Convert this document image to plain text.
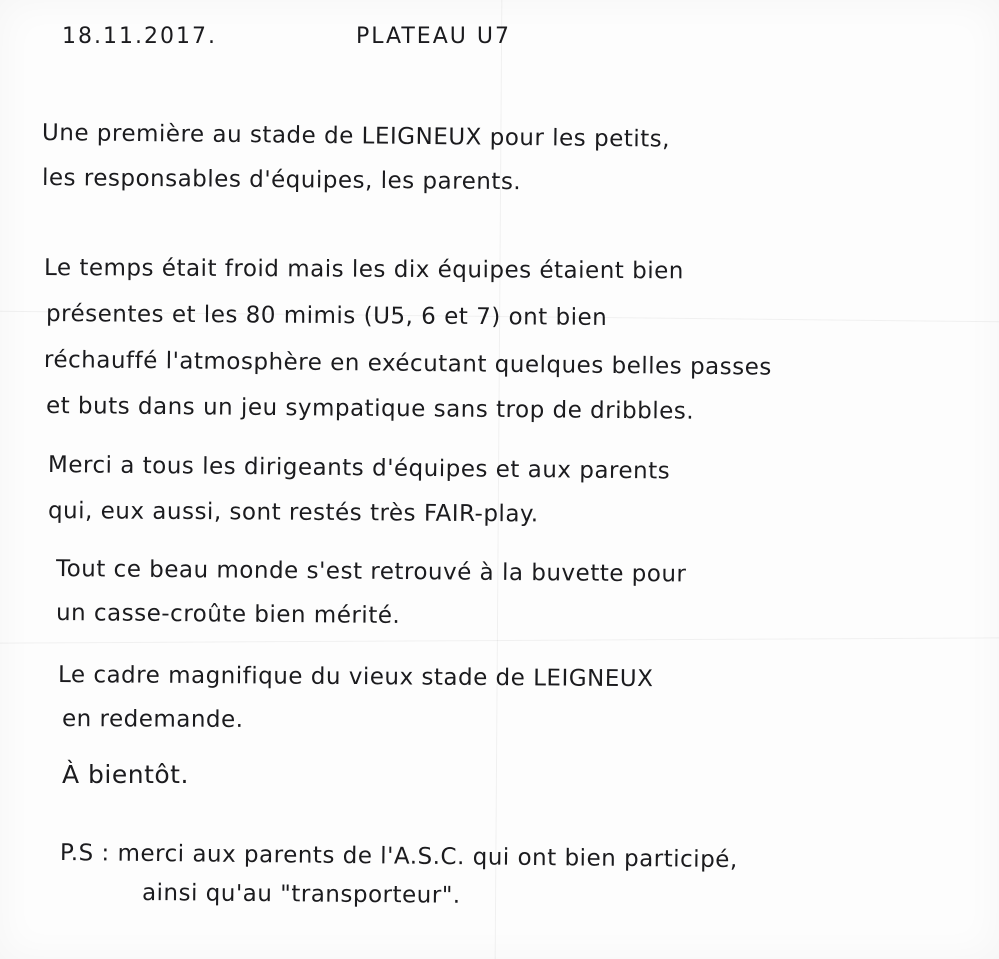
18.11.2017.	PLATEAU U7

Une première au stade de LEIGNEUX pour les petits,

les responsables d'équipes, les parents.

Le temps était froid mais les dix équipes étaient bien

présentes et les 80 mimis (U5, 6 et 7) ont bien

réchauffé l'atmosphère en exécutant quelques belles passes

et buts dans un jeu sympatique sans trop de dribbles.

Merci a tous les dirigeants d'équipes et aux parents

qui, eux aussi, sont restés très FAIR-play.

Tout ce beau monde s'est retrouvé à la buvette pour

un casse-croûte bien mérité.

Le cadre magnifique du vieux stade de LEIGNEUX

en redemande.

À bientôt.

P.S : merci aux parents de l'A.S.C. qui ont bien participé,

ainsi qu'au "transporteur".
